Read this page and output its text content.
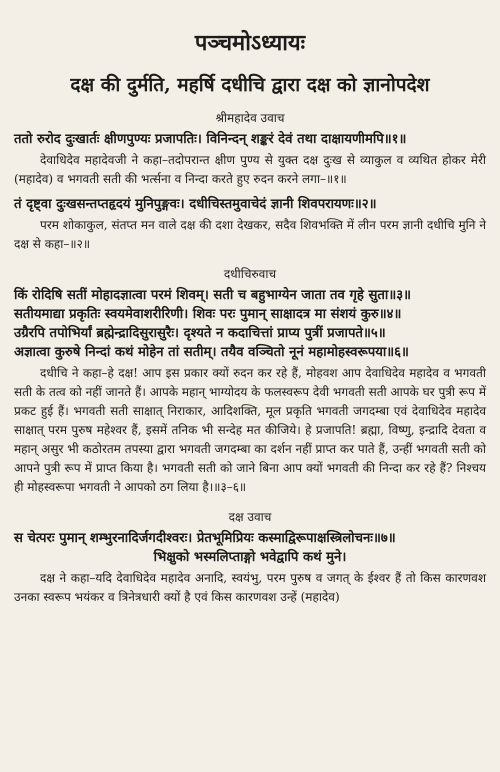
पञ्चमोऽध्यायः
दक्ष की दुर्मति, महर्षि दधीचि द्वारा दक्ष को ज्ञानोपदेश
श्रीमहादेव उवाच

ततो रुरोद दुःखार्तः क्षीणपुण्यः प्रजापतिः। विनिन्दन् शङ्करं देवं तथा दाक्षायणीमपि॥१॥

देवाधिदेव महादेवजी ने कहा–तदोपरान्त क्षीण पुण्य से युक्त दक्ष दुःख से व्याकुल व व्यथित होकर मेरी (महादेव) व भगवती सती की भर्त्सना व निन्दा करते हुए रुदन करने लगा–॥१॥

तं दृष्ट्वा दुःखसन्तप्तहृदयं मुनिपुङ्गवः। दधीचिस्तमुवाचेदं ज्ञानी शिवपरायणः॥२॥

परम शोकाकुल, संतप्त मन वाले दक्ष की दशा देखकर, सदैव शिवभक्ति में लीन परम ज्ञानी दधीचि मुनि ने दक्ष से कहा–॥२॥

दधीचिरुवाच

किं रोदिषि सतीं मोहादज्ञात्वा परमं शिवम्। सती च बहुभाग्येन जाता तव गृहे सुता॥३॥

सतीयमाद्या प्रकृतिः स्वयमेवाशरीरिणी। शिवः परः पुमान् साक्षादत्र मा संशयं कुरु॥४॥

उग्रैरपि तपोभिर्यां ब्रह्मेन्द्रादिसुरासुरैः। दृश्यते न कदाचित्तां प्राप्य पुत्रीं प्रजापते॥५॥

अज्ञात्वा कुरुषे निन्दां कथं मोहेन तां सतीम्। तयैव वञ्चितो नूनं महामोहस्वरूपया॥६॥

दधीचि ने कहा–हे दक्ष! आप इस प्रकार क्यों रुदन कर रहे हैं, मोहवश आप देवाधिदेव महादेव व भगवती सती के तत्व को नहीं जानते हैं। आपके महान् भाग्योदय के फलस्वरूप देवी भगवती सती आपके घर पुत्री रूप में प्रकट हुई हैं। भगवती सती साक्षात् निराकार, आदिशक्ति, मूल प्रकृति भगवती जगदम्बा एवं देवाधिदेव महादेव साक्षात् परम पुरुष महेश्वर हैं, इसमें तनिक भी सन्देह मत कीजिये। हे प्रजापति! ब्रह्मा, विष्णु, इन्द्रादि देवता व महान् असुर भी कठोरतम तपस्या द्वारा भगवती जगदम्बा का दर्शन नहीं प्राप्त कर पाते हैं, उन्हीं भगवती सती को आपने पुत्री रूप में प्राप्त किया है। भगवती सती को जाने बिना आप क्यों भगवती की निन्दा कर रहे हैं? निश्चय ही मोहस्वरूपा भगवती ने आपको ठग लिया है।॥३–६॥

दक्ष उवाच

स चेत्परः पुमान् शम्भुरनादिर्जगदीश्वरः। प्रेतभूमिप्रियः कस्माद्विरूपाक्षस्त्रिलोचनः॥७॥

भिक्षुको भस्मलिप्ताङ्गो भवेद्वापि कथं मुने।

दक्ष ने कहा–यदि देवाधिदेव महादेव अनादि, स्वयंभु, परम पुरुष व जगत् के ईश्वर हैं तो किस कारणवश उनका स्वरूप भयंकर व त्रिनेत्रधारी क्यों है एवं किस कारणवश उन्हें (महादेव)
